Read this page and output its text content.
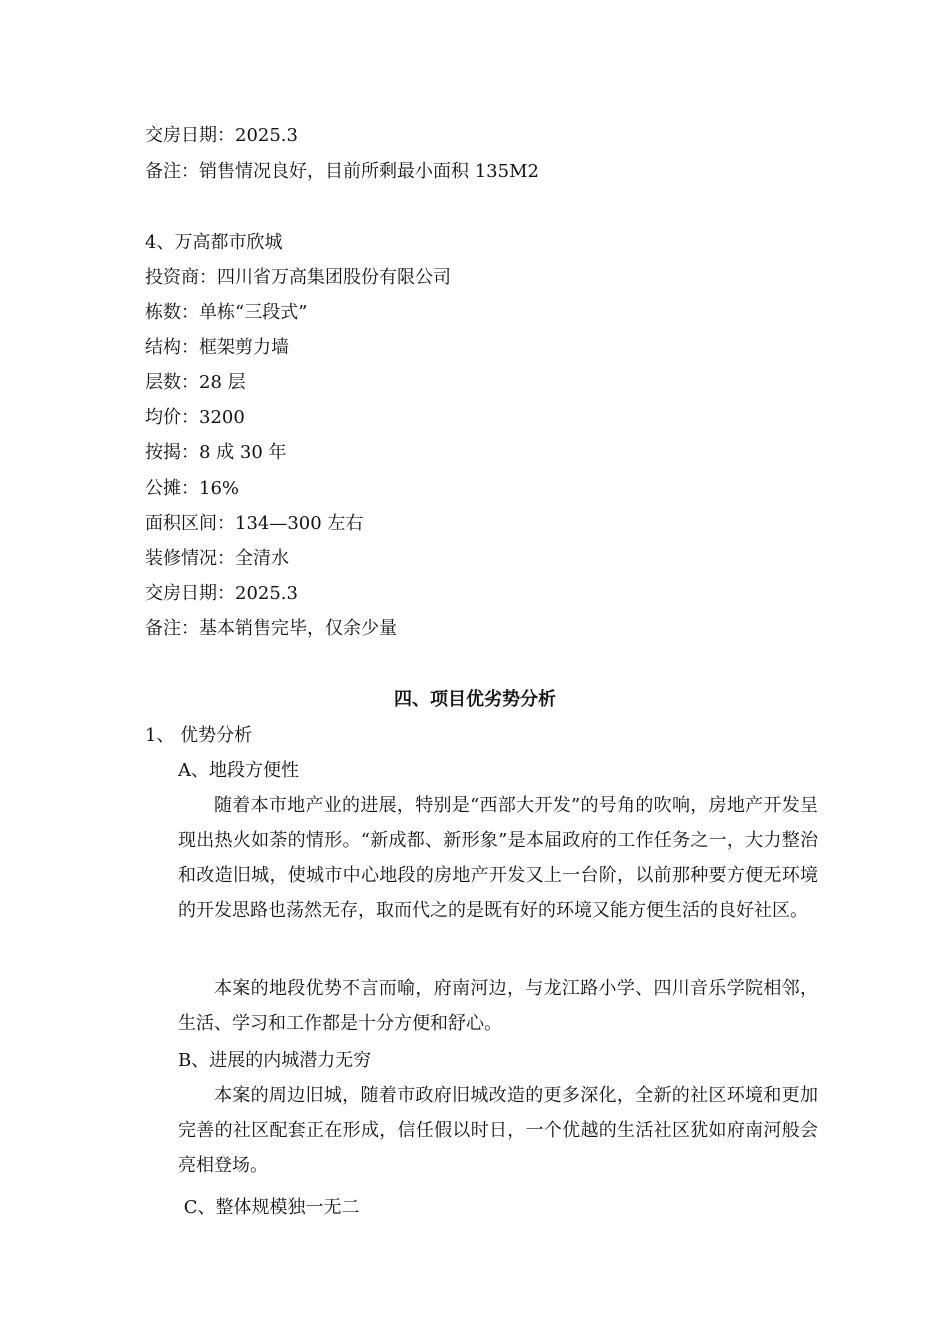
交房日期：2025.3
备注：销售情况良好，目前所剩最小面积 135M2
4、万高都市欣城
投资商：四川省万高集团股份有限公司
栋数：单栋“三段式”
结构：框架剪力墙
层数：28 层
均价：3200
按揭：8 成 30 年
公摊：16%
面积区间：134—300 左右
装修情况：全清水
交房日期：2025.3
备注：基本销售完毕，仅余少量
四、项目优劣势分析
1、 优势分析
A、地段方便性
随着本市地产业的进展，特别是“西部大开发”的号角的吹响，房地产开发呈现出热火如荼的情形。“新成都、新形象”是本届政府的工作任务之一，大力整治和改造旧城，使城市中心地段的房地产开发又上一台阶，以前那种要方便无环境的开发思路也荡然无存，取而代之的是既有好的环境又能方便生活的良好社区。
本案的地段优势不言而喻，府南河边，与龙江路小学、四川音乐学院相邻，生活、学习和工作都是十分方便和舒心。
B、进展的内城潜力无穷
本案的周边旧城，随着市政府旧城改造的更多深化，全新的社区环境和更加完善的社区配套正在形成，信任假以时日，一个优越的生活社区犹如府南河般会亮相登场。
C、整体规模独一无二
